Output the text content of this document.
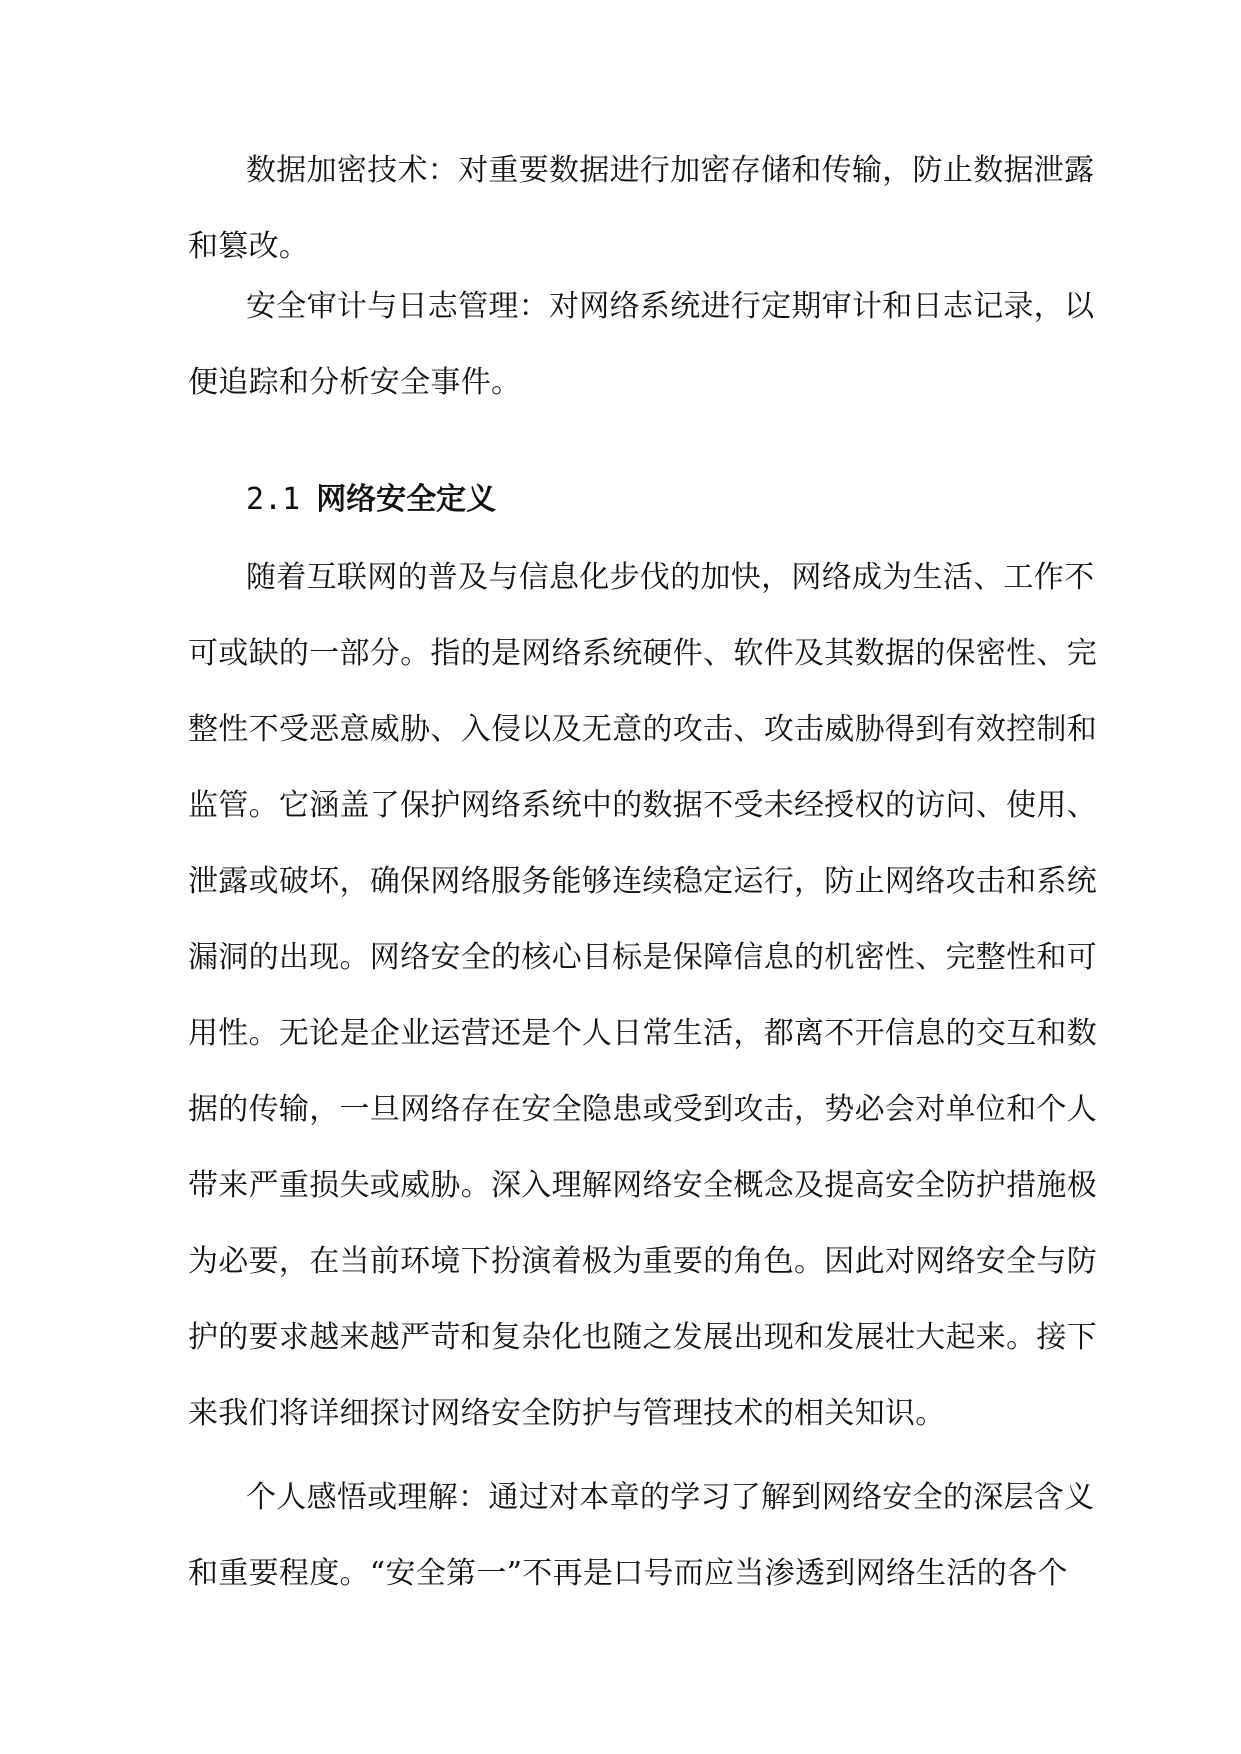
数据加密技术：对重要数据进行加密存储和传输，防止数据泄露
和篡改。
安全审计与日志管理：对网络系统进行定期审计和日志记录，以
便追踪和分析安全事件。
2.1 网络安全定义
随着互联网的普及与信息化步伐的加快，网络成为生活、工作不
可或缺的一部分。指的是网络系统硬件、软件及其数据的保密性、完
整性不受恶意威胁、入侵以及无意的攻击、攻击威胁得到有效控制和
监管。它涵盖了保护网络系统中的数据不受未经授权的访问、使用、
泄露或破坏，确保网络服务能够连续稳定运行，防止网络攻击和系统
漏洞的出现。网络安全的核心目标是保障信息的机密性、完整性和可
用性。无论是企业运营还是个人日常生活，都离不开信息的交互和数
据的传输，一旦网络存在安全隐患或受到攻击，势必会对单位和个人
带来严重损失或威胁。深入理解网络安全概念及提高安全防护措施极
为必要，在当前环境下扮演着极为重要的角色。因此对网络安全与防
护的要求越来越严苛和复杂化也随之发展出现和发展壮大起来。接下
来我们将详细探讨网络安全防护与管理技术的相关知识。
个人感悟或理解：通过对本章的学习了解到网络安全的深层含义
和重要程度。“安全第一”不再是口号而应当渗透到网络生活的各个
